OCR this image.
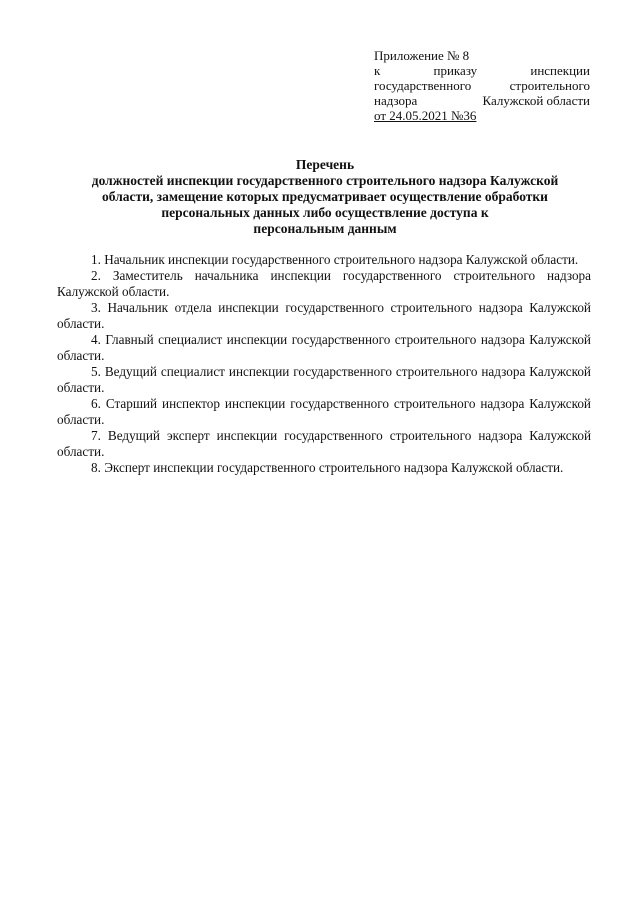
Приложение № 8
к	приказу	инспекции
государственного	строительного
надзора	Калужской области
от 24.05.2021 №36
Перечень
должностей инспекции государственного строительного надзора Калужской
области, замещение которых предусматривает осуществление обработки
персональных данных либо осуществление доступа к
персональным данным

1. Начальник инспекции государственного строительного надзора Калужской области.

2. Заместитель начальника инспекции государственного строительного надзора Калужской области.

3. Начальник отдела инспекции государственного строительного надзора Калужской области.

4. Главный специалист инспекции государственного строительного надзора Калужской области.

5. Ведущий специалист инспекции государственного строительного надзора Калужской области.

6. Старший инспектор инспекции государственного строительного надзора Калужской области.

7. Ведущий эксперт инспекции государственного строительного надзора Калужской области.

8. Эксперт инспекции государственного строительного надзора Калужской области.
